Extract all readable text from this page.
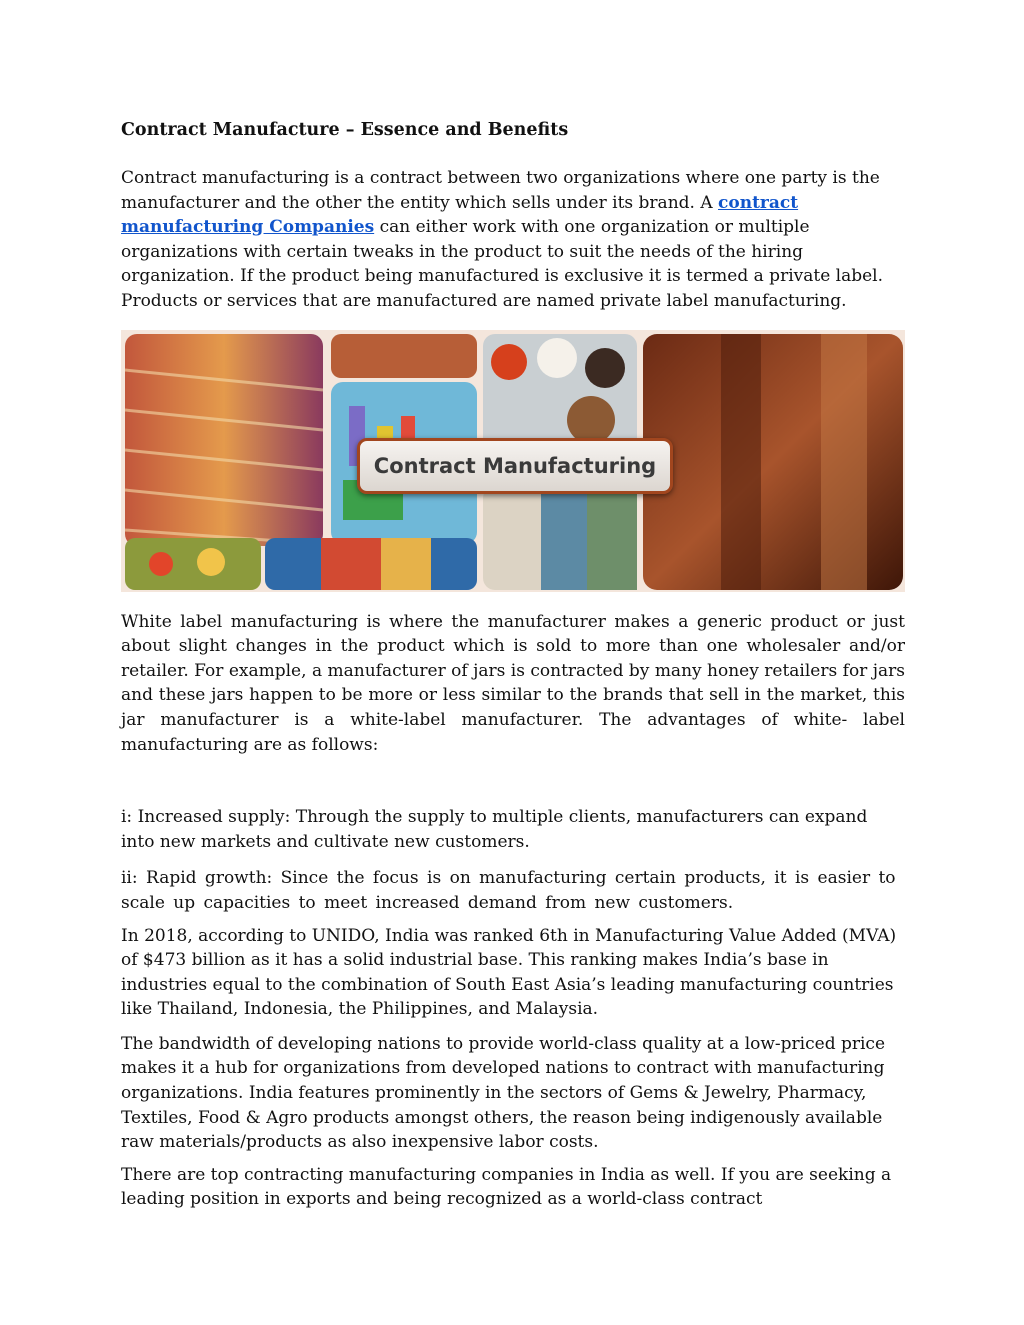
Contract Manufacture – Essence and Benefits

Contract manufacturing is a contract between two organizations where one party is the manufacturer and the other the entity which sells under its brand. A contract manufacturing Companies can either work with one organization or multiple organizations with certain tweaks in the product to suit the needs of the hiring organization. If the product being manufactured is exclusive it is termed a private label. Products or services that are manufactured are named private label manufacturing.

Contract Manufacturing

White label manufacturing is where the manufacturer makes a generic product or just about slight changes in the product which is sold to more than one wholesaler and/or retailer. For example, a manufacturer of jars is contracted by many honey retailers for jars and these jars happen to be more or less similar to the brands that sell in the market, this jar manufacturer is a white-label manufacturer. The advantages of white- label manufacturing are as follows:

i: Increased supply: Through the supply to multiple clients, manufacturers can expand into new markets and cultivate new customers.

ii: Rapid growth: Since the focus is on manufacturing certain products, it is easier to scale up capacities to meet increased demand from new customers.

In 2018, according to UNIDO, India was ranked 6th in Manufacturing Value Added (MVA) of $473 billion as it has a solid industrial base. This ranking makes India’s base in industries equal to the combination of South East Asia’s leading manufacturing countries like Thailand, Indonesia, the Philippines, and Malaysia.

The bandwidth of developing nations to provide world-class quality at a low-priced price makes it a hub for organizations from developed nations to contract with manufacturing organizations. India features prominently in the sectors of Gems & Jewelry, Pharmacy, Textiles, Food & Agro products amongst others, the reason being indigenously available raw materials/products as also inexpensive labor costs.

There are top contracting manufacturing companies in India as well. If you are seeking a leading position in exports and being recognized as a world-class contract
